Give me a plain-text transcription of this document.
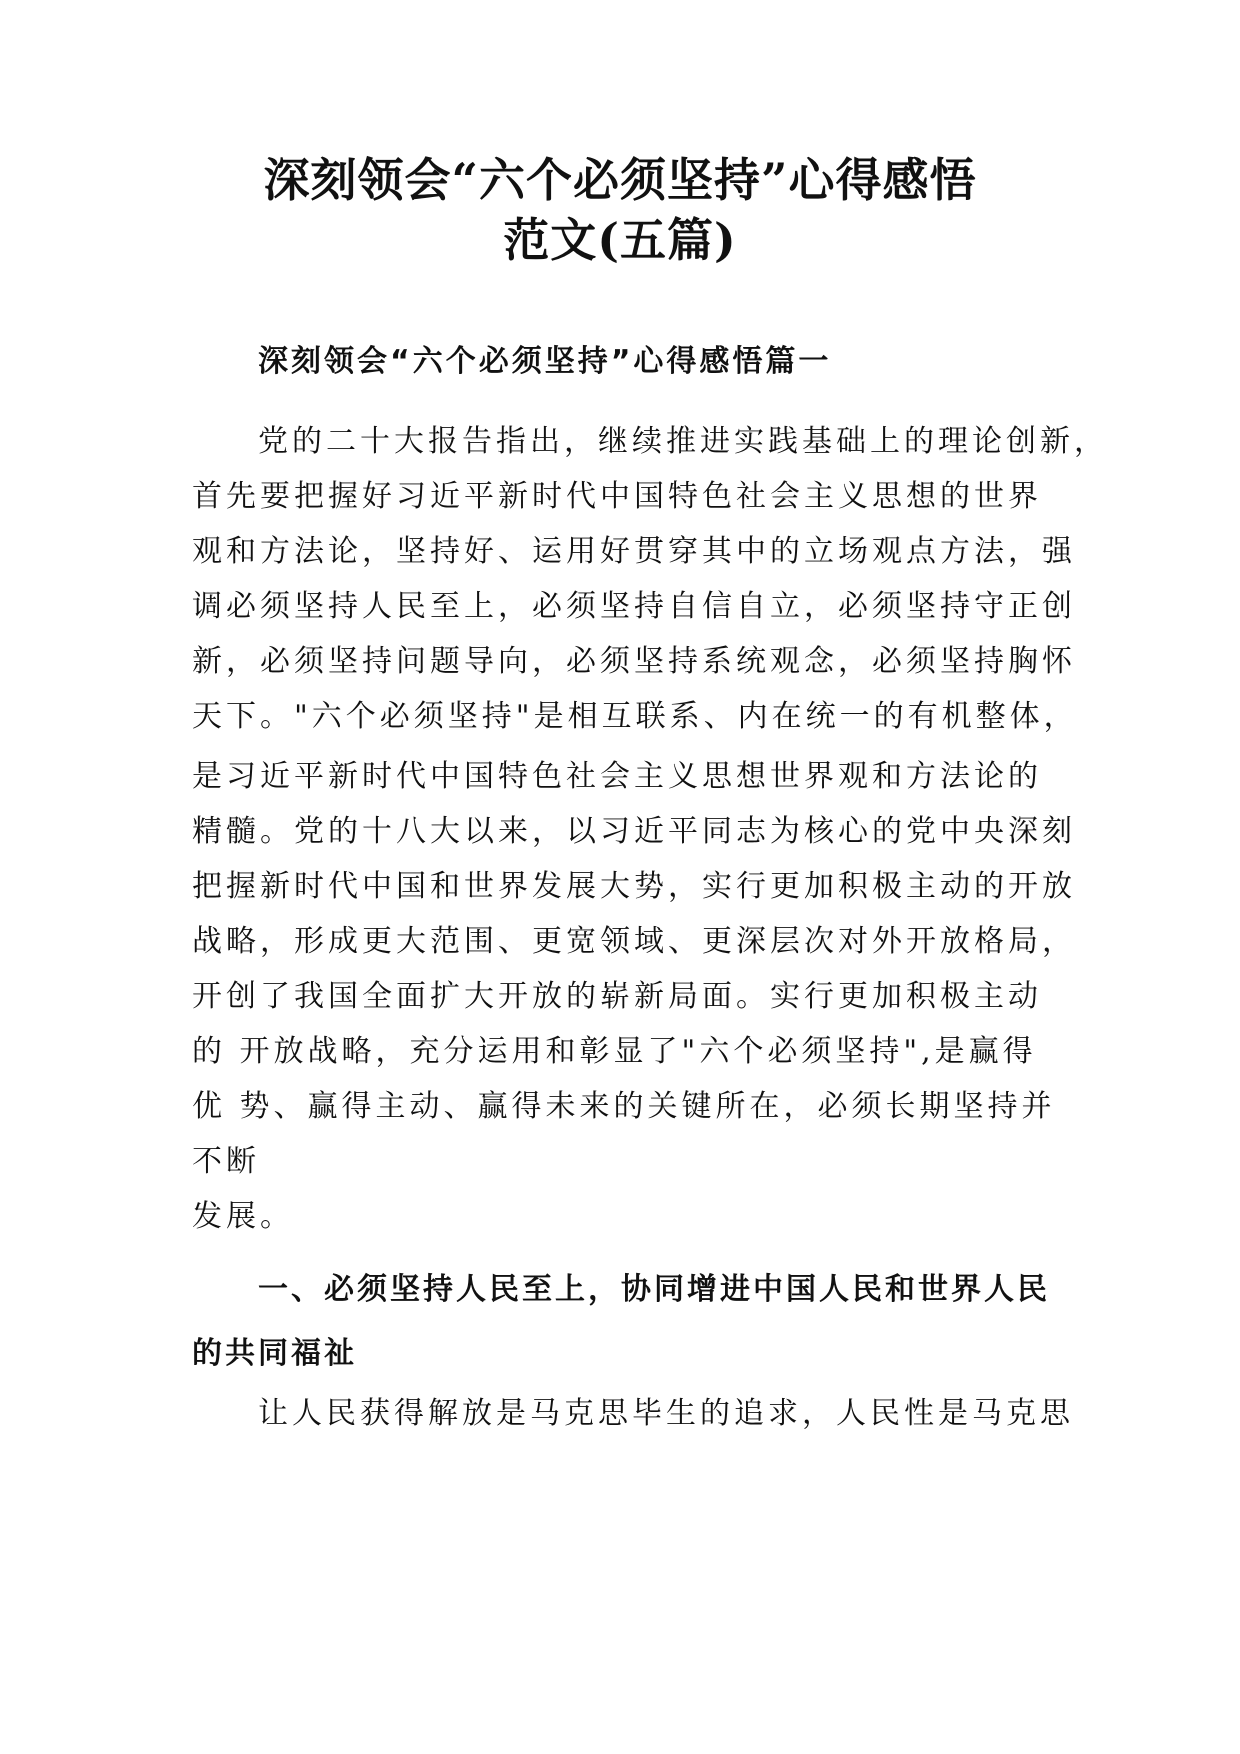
深刻领会“六个必须坚持”心得感悟
范文(五篇)
深刻领会“六个必须坚持”心得感悟篇一
党的二十大报告指出，继续推进实践基础上的理论创新，
首先要把握好习近平新时代中国特色社会主义思想的世界
观和方法论，坚持好、运用好贯穿其中的立场观点方法，强
调必须坚持人民至上，必须坚持自信自立，必须坚持守正创
新，必须坚持问题导向，必须坚持系统观念，必须坚持胸怀
天下。"六个必须坚持"是相互联系、内在统一的有机整体，
是习近平新时代中国特色社会主义思想世界观和方法论的
精髓。党的十八大以来，以习近平同志为核心的党中央深刻
把握新时代中国和世界发展大势，实行更加积极主动的开放
战略，形成更大范围、更宽领域、更深层次对外开放格局，
开创了我国全面扩大开放的崭新局面。实行更加积极主动
的 开放战略，充分运用和彰显了"六个必须坚持",是赢得
优 势、赢得主动、赢得未来的关键所在，必须长期坚持并
不断
发展。
一、必须坚持人民至上，协同增进中国人民和世界人民
的共同福祉
让人民获得解放是马克思毕生的追求，人民性是马克思
